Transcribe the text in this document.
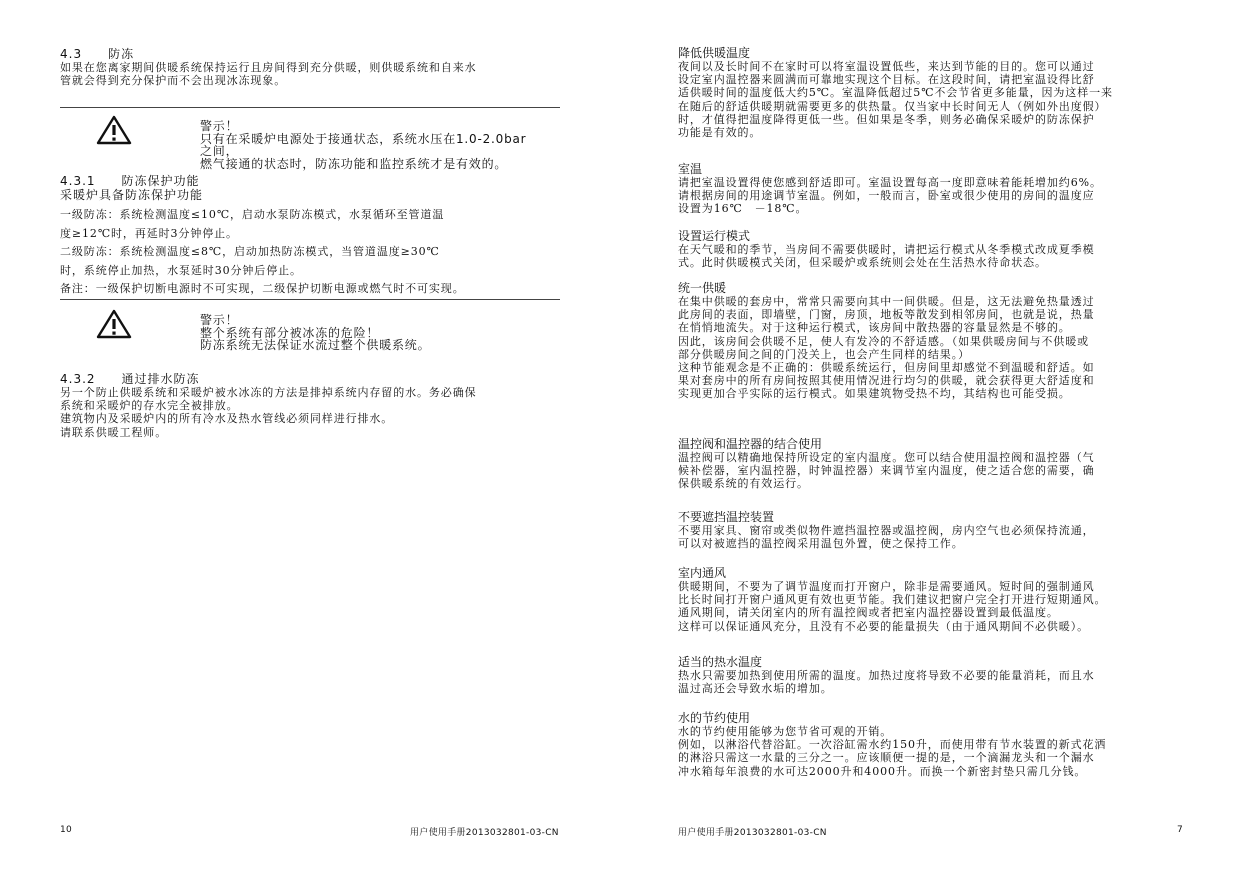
4.3　　防冻
如果在您离家期间供暖系统保持运行且房间得到充分供暖，则供暖系统和自来水
管就会得到充分保护而不会出现冰冻现象。
警示！
只有在采暖炉电源处于接通状态，系统水压在1.0-2.0bar
之间，
燃气接通的状态时，防冻功能和监控系统才是有效的。
4.3.1　　防冻保护功能
采暖炉具备防冻保护功能
一级防冻：系统检测温度≤10℃，启动水泵防冻模式，水泵循环至管道温
度≥12℃时，再延时3分钟停止。
二级防冻：系统检测温度≤8℃，启动加热防冻模式，当管道温度≥30℃
时，系统停止加热，水泵延时30分钟后停止。
备注：一级保护切断电源时不可实现，二级保护切断电源或燃气时不可实现。
警示！
整个系统有部分被冰冻的危险！
防冻系统无法保证水流过整个供暖系统。
4.3.2　　通过排水防冻
另一个防止供暖系统和采暖炉被水冰冻的方法是排掉系统内存留的水。务必确保
系统和采暖炉的存水完全被排放。
建筑物内及采暖炉内的所有冷水及热水管线必须同样进行排水。
请联系供暖工程师。
10	用户使用手册2013032801-03-CN
降低供暖温度
夜间以及长时间不在家时可以将室温设置低些，来达到节能的目的。您可以通过
设定室内温控器来圆满而可靠地实现这个目标。在这段时间，请把室温设得比舒
适供暖时间的温度低大约5℃。室温降低超过5℃不会节省更多能量，因为这样一来
在随后的舒适供暖期就需要更多的供热量。仅当家中长时间无人（例如外出度假）
时，才值得把温度降得更低一些。但如果是冬季，则务必确保采暖炉的防冻保护
功能是有效的。
室温
请把室温设置得使您感到舒适即可。室温设置每高一度即意味着能耗增加约6%。
请根据房间的用途调节室温。例如，一般而言，卧室或很少使用的房间的温度应
设置为16℃　－18℃。
设置运行模式
在天气暖和的季节，当房间不需要供暖时，请把运行模式从冬季模式改成夏季模
式。此时供暖模式关闭，但采暖炉或系统则会处在生活热水待命状态。
统一供暖
在集中供暖的套房中，常常只需要向其中一间供暖。但是，这无法避免热量透过
此房间的表面，即墙壁，门窗，房顶，地板等散发到相邻房间，也就是说，热量
在悄悄地流失。对于这种运行模式，该房间中散热器的容量显然是不够的。
因此，该房间会供暖不足，使人有发冷的不舒适感。（如果供暖房间与不供暖或
部分供暖房间之间的门没关上，也会产生同样的结果。）
这种节能观念是不正确的：供暖系统运行，但房间里却感觉不到温暖和舒适。如
果对套房中的所有房间按照其使用情况进行均匀的供暖，就会获得更大舒适度和
实现更加合乎实际的运行模式。如果建筑物受热不均，其结构也可能受损。
温控阀和温控器的结合使用
温控阀可以精确地保持所设定的室内温度。您可以结合使用温控阀和温控器（气
候补偿器，室内温控器，时钟温控器）来调节室内温度，使之适合您的需要，确
保供暖系统的有效运行。
不要遮挡温控装置
不要用家具、窗帘或类似物件遮挡温控器或温控阀，房内空气也必须保持流通，
可以对被遮挡的温控阀采用温包外置，使之保持工作。
室内通风
供暖期间，不要为了调节温度而打开窗户，除非是需要通风。短时间的强制通风
比长时间打开窗户通风更有效也更节能。我们建议把窗户完全打开进行短期通风。
通风期间，请关闭室内的所有温控阀或者把室内温控器设置到最低温度。
这样可以保证通风充分，且没有不必要的能量损失（由于通风期间不必供暖）。
适当的热水温度
热水只需要加热到使用所需的温度。加热过度将导致不必要的能量消耗，而且水
温过高还会导致水垢的增加。
水的节约使用
水的节约使用能够为您节省可观的开销。
例如，以淋浴代替浴缸。一次浴缸需水约150升，而使用带有节水装置的新式花洒
的淋浴只需这一水量的三分之一。应该顺便一提的是，一个滴漏龙头和一个漏水
冲水箱每年浪费的水可达2000升和4000升。而换一个新密封垫只需几分钱。
用户使用手册2013032801-03-CN	7
